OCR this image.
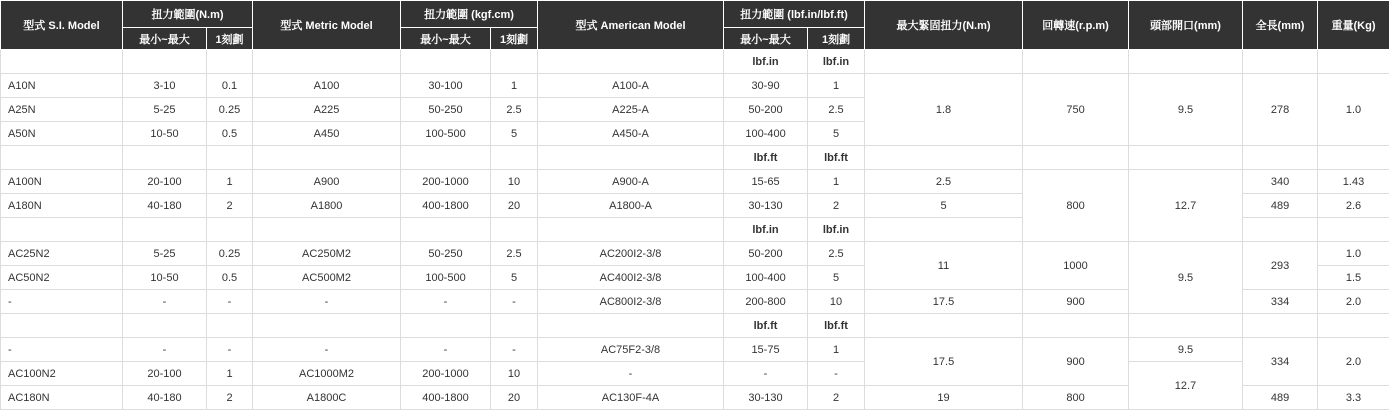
型式 S.I. Model	扭力範圍(N.m)		型式 Metric Model	扭力範圍 (kgf.cm)		型式 American Model	扭力範圍 (lbf.in/lbf.ft)		最大緊固扭力(N.m)	回轉速(r.p.m)	頭部開口(mm)	全長(mm)	重量(Kg)	
	最小~最大	1刻劃		最小~最大	1刻劃		最小~最大	1刻劃						
							lbf.in	lbf.in						
A10N	3-10	0.1	A100	30-100	1	A100-A	30-90	1	1.8	750	9.5	278	1.0	
A25N	5-25	0.25	A225	50-250	2.5	A225-A	50-200	2.5						
A50N	10-50	0.5	A450	100-500	5	A450-A	100-400	5						
							lbf.ft	lbf.ft						
A100N	20-100	1	A900	200-1000	10	A900-A	15-65	1	2.5	800	12.7	340	1.43	
A180N	40-180	2	A1800	400-1800	20	A1800-A	30-130	2	5			489	2.6	
							lbf.in	lbf.in						
AC25N2	5-25	0.25	AC250M2	50-250	2.5	AC200I2-3/8	50-200	2.5	11	1000	9.5	293	1.0	
AC50N2	10-50	0.5	AC500M2	100-500	5	AC400I2-3/8	100-400	5					1.5	
-	-	-	-	-	-	AC800I2-3/8	200-800	10	17.5	900		334	2.0	
							lbf.ft	lbf.ft						
-	-	-	-	-	-	AC75F2-3/8	15-75	1	17.5	900	9.5	334	2.0	
AC100N2	20-100	1	AC1000M2	200-1000	10	-	-	-			12.7			
AC180N	40-180	2	A1800C	400-1800	20	AC130F-4A	30-130	2	19	800		489	3.3	
